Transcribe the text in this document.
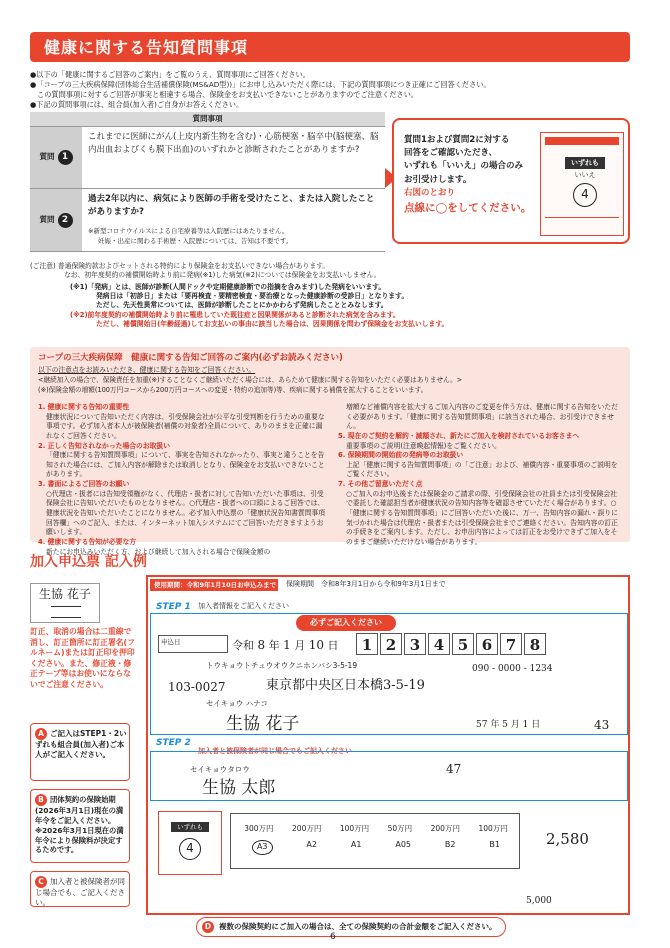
健康に関する告知質問事項
●以下の「健康に関するご回答のご案内」をご覧のうえ、質問事項にご回答ください。
●「コープの三大疾病保障(団体総合生活補償保険(MS&AD型))」にお申し込みいただく際には、下記の質問事項につき正確にご回答ください。
この質問事項に対するご回答が事実と相違する場合、保険金をお支払いできないことがありますのでご注意ください。
●下記の質問事項には、組合員(加入者)ご自身がお答えください。
質問事項
質問 1
これまでに医師にがん(上皮内新生物を含む)・心筋梗塞・脳卒中(脳梗塞、脳内出血およびくも膜下出血)のいずれかと診断されたことがありますか?
質問 2
過去2年以内に、病気により医師の手術を受けたこと、または入院したことがありますか?
※新型コロナウイルスによる自宅療養等は入院歴にはあたりません。
妊娠・出産に関わる手術歴・入院歴については、告知は不要です。
質問1および質問2に対する
回答をご確認いただき、
いずれも「いいえ」の場合のみ
お引受けします。
右図のとおり
点線に◯をしてください。
いずれも
いいえ
4
(ご注意) 普通保険約款およびセットされる特約により保険金をお支払いできない場合があります。
なお、初年度契約の補償開始時より前に発病(※1)した病気(※2)については保険金をお支払いしません。
(※1)「発病」とは、医師が診断(人間ドックや定期健康診断での指摘を含みます)した発病をいいます。
発病日は「初診日」または「要再検査・要精密検査・要治療となった健康診断の受診日」となります。
ただし、先天性異常については、医師が診断したことにかかわらず発病したこととみなします。
(※2)前年度契約の補償開始時より前に罹患していた既往症と因果関係があると診断された病気を含みます。
ただし、補償開始日(年齢経過)してお支払いの事由に該当した場合は、因果関係を問わず保険金をお支払いします。
コープの三大疾病保障　健康に関する告知ご回答のご案内(必ずお読みください)
以下の注意点をお読みいただき、健康に関する告知をご回答ください。
<継続加入の場合で、保険責任を加重(※)することなくご継続いただく場合には、あらためて健康に関する告知をいただく必要はありません。>
(※)保険金額の増額(100万円コースから200万円コースへの変更・特約の追加等)等、疾病に関する補償を拡大することをいいます。
1. 健康に関する告知の重要性
健康状況について告知いただく内容は、引受保険会社が公平な引受判断を行うための重要な事項です。必ず加入者本人が被保険者(補償の対象者)全員について、ありのままを正確に漏れなくご回答ください。
2. 正しく告知されなかった場合のお取扱い
「健康に関する告知質問事項」について、事実を告知されなかったり、事実と違うことを告知された場合には、ご加入内容が解除または取消しとなり、保険金をお支払いできないことがあります。
3. 書面によるご回答のお願い
○代理店・扱者には告知受領権がなく、代理店・扱者に対して告知いただいた事項は、引受保険会社に告知いただいたものとなりません。○代理店・扱者への口頭によるご回答では、健康状況を告知いただいたことになりません。必ず加入申込票の「健康状況告知書質問事項回答欄」へのご記入、または、インターネット加入システムにてご回答いただきますようお願いします。
4. 健康に関する告知が必要な方
新たにお申込みいただく方、および継続して加入される場合で保険金額の
増額など補償内容を拡大するご加入内容のご変更を伴う方は、健康に関する告知をいただく必要があります。「健康に関する告知質問事項」に該当された場合、お引受けできません。
5. 現在のご契約を解約・減額され、新たにご加入を検討されているお客さまへ
重要事項のご説明(注意喚起情報)をご覧ください。
6. 保険期間の開始前の発病等のお取扱い
上記「健康に関する告知質問事項」の「ご注意」および、補償内容・重要事項のご説明をご覧ください。
7. その他ご留意いただく点
○ご加入のお申込後または保険金のご請求の際、引受保険会社の社員または引受保険会社で委託した確認担当者が健康状況の告知内容等を確認させていただく場合があります。○「健康に関する告知質問事項」にご回答いただいた後に、万一、告知内容の漏れ・誤りに気づかれた場合は代理店・扱者または引受保険会社までご連絡ください。告知内容の訂正の手続きをご案内します。ただし、お申出内容によっては訂正をお受けできずご加入をそのままご継続いただけない場合があります。
加入申込票 記入例
生協 花子
訂正、取消の場合は二重線で消し、訂正箇所に訂正署名(フルネーム)または訂正印を押印ください。また、修正液・修正テープ等はお使いにならないでご注意ください。
A ご記入はSTEP1・2いずれも組合員(加入者)ご本人がご記入ください。
B 団体契約の保険始期(2026年3月1日)現在の満年令をご記入ください。※2026年3月1日現在の満年令により保険料が決定するためです。
C 加入者と被保険者が同じ場合でも、ご記入ください。
使用期間：令和9年1月10日お申込みまで 保険期間　令和8年3月1日から令和9年3月1日まで
STEP 1 加入者情報をご記入ください
必ずご記入ください
申込日	令和 8 年 1 月 10 日	1 2 3 4 5 6 7 8
トウキョウトチュウオウクニホンバシ3-5-19
103-0027	東京都中央区日本橋3-5-19
090 - 0000 - 1234
セイキョウ ハナコ
生協 花子	57 年 5 月 1 日	43
STEP 2
加入者と被保険者が同じ場合でもご記入ください
セイキョウタロウ
生協 太郎
47
いずれも
4
300万円 200万円 100万円 50万円 200万円 100万円
A3	A2	A1	A05	B2	B1	2,580
5,000
D	複数の保険契約にご加入の場合は、全ての保険契約の合計金額をご記入ください。
6
